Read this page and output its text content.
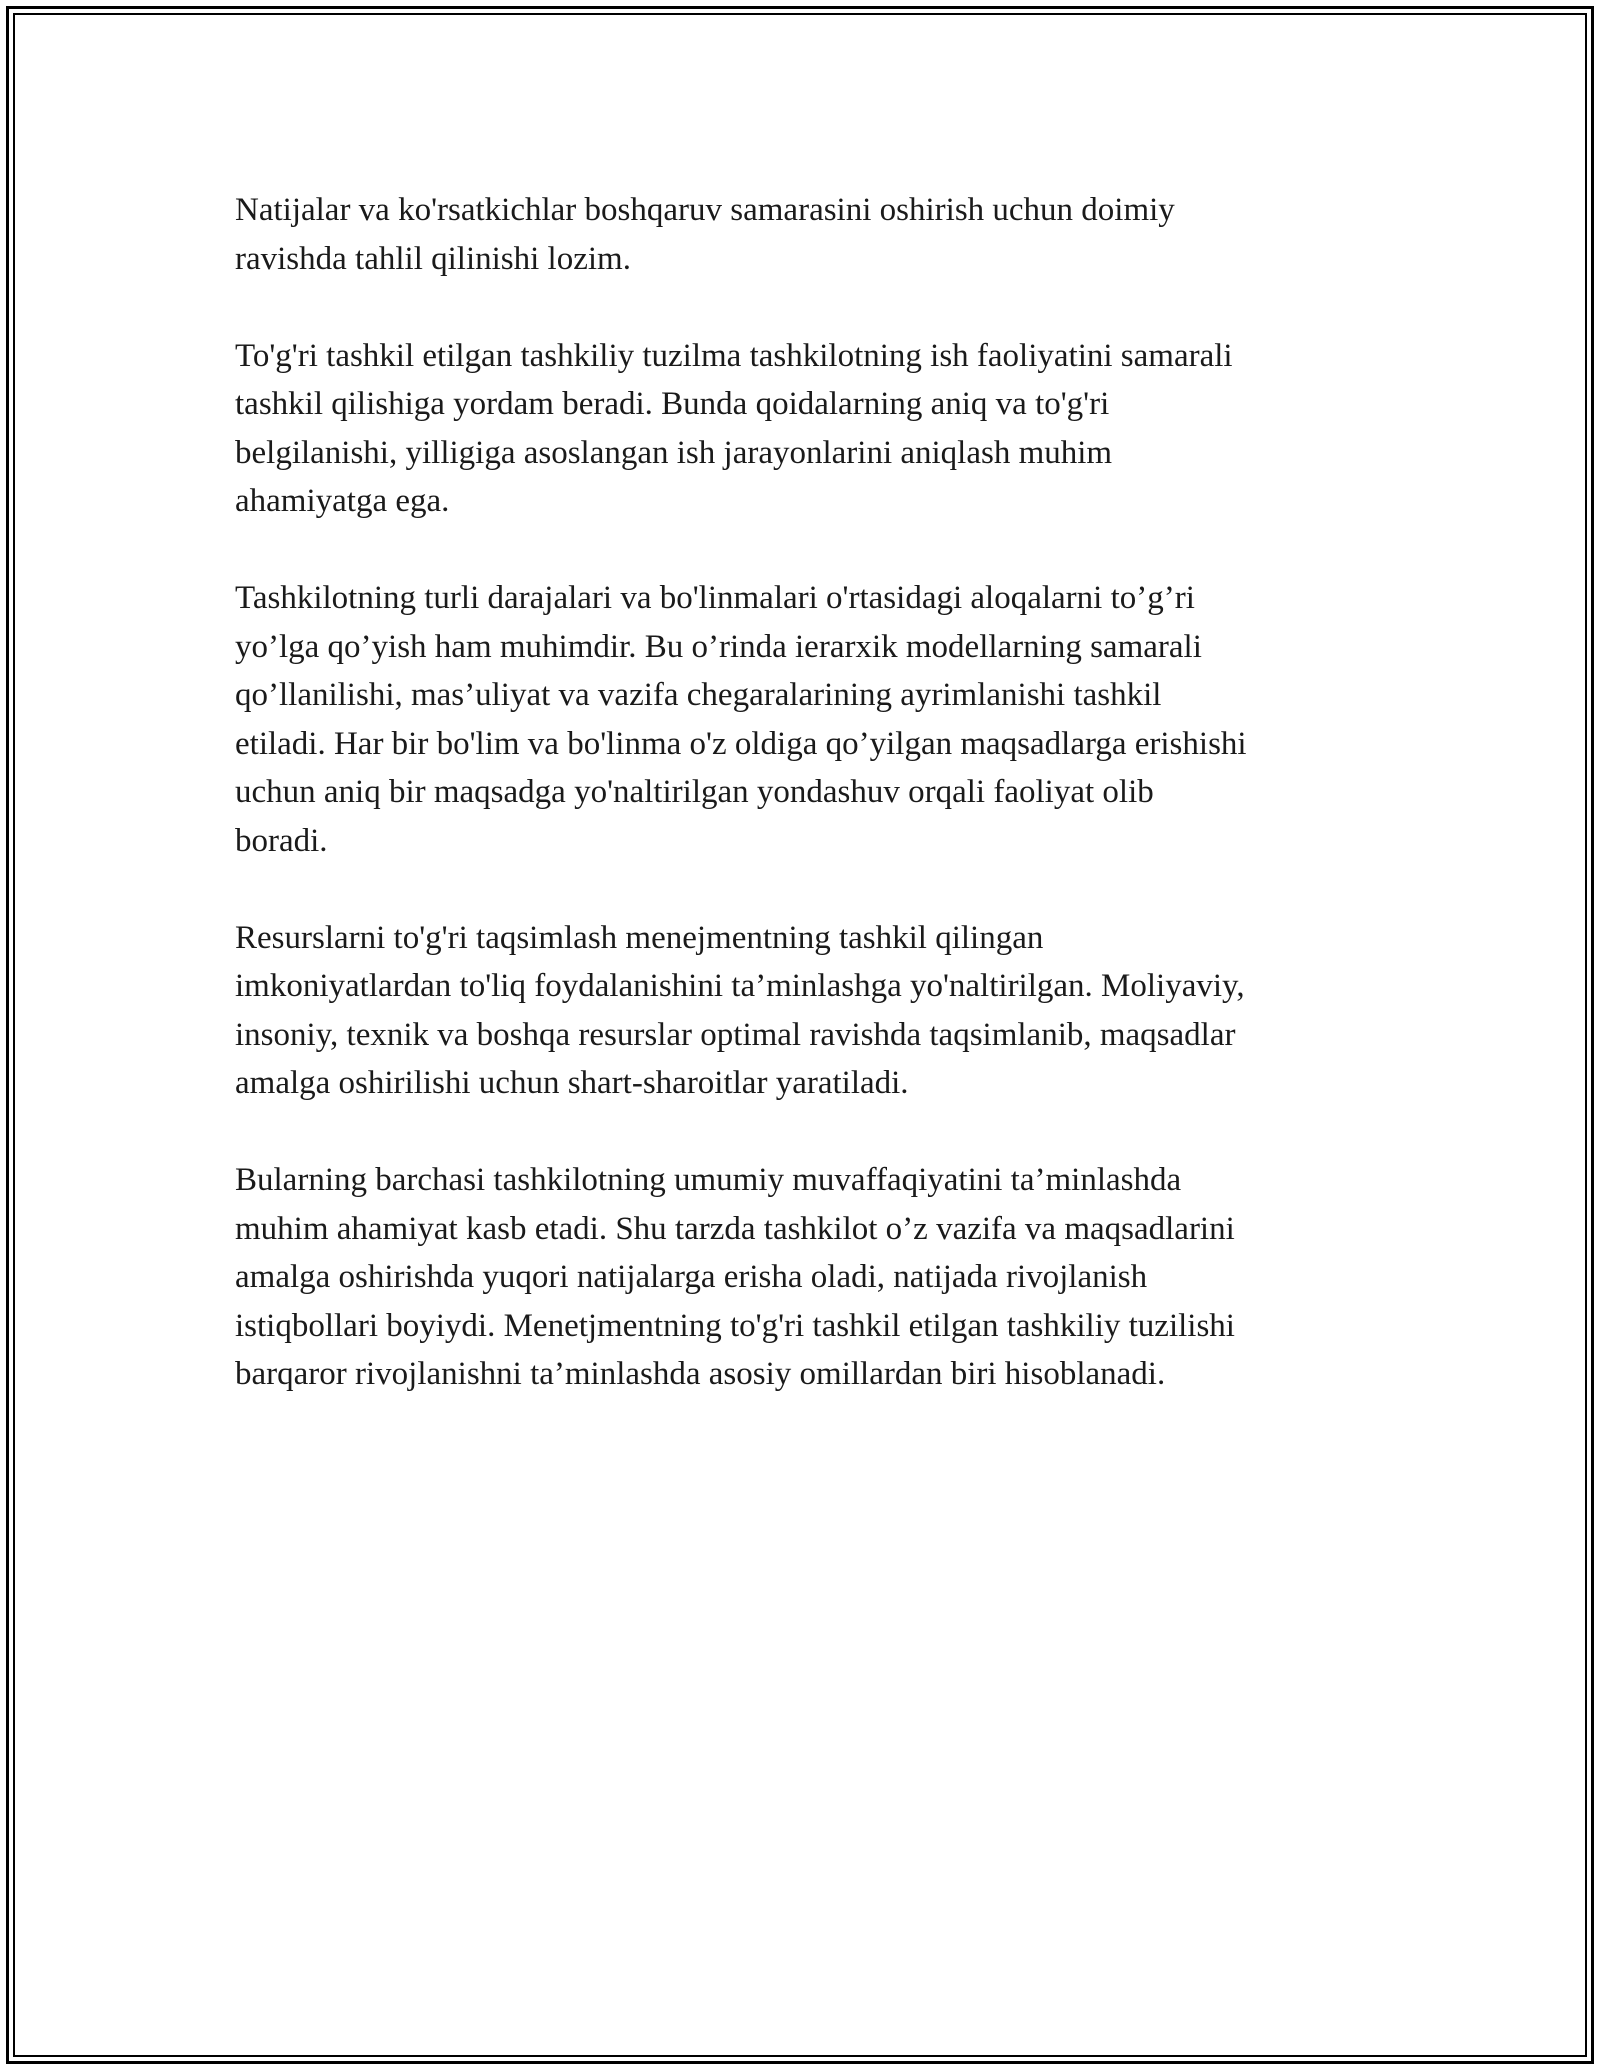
Natijalar va ko'rsatkichlar boshqaruv samarasini oshirish uchun doimiy
ravishda tahlil qilinishi lozim.

To'g'ri tashkil etilgan tashkiliy tuzilma tashkilotning ish faoliyatini samarali
tashkil qilishiga yordam beradi. Bunda qoidalarning aniq va to'g'ri
belgilanishi, yilligiga asoslangan ish jarayonlarini aniqlash muhim
ahamiyatga ega.

Tashkilotning turli darajalari va bo'linmalari o'rtasidagi aloqalarni to’g’ri
yo’lga qo’yish ham muhimdir. Bu o’rinda ierarxik modellarning samarali
qo’llanilishi, mas’uliyat va vazifa chegaralarining ayrimlanishi tashkil
etiladi. Har bir bo'lim va bo'linma o'z oldiga qo’yilgan maqsadlarga erishishi
uchun aniq bir maqsadga yo'naltirilgan yondashuv orqali faoliyat olib
boradi.

Resurslarni to'g'ri taqsimlash menejmentning tashkil qilingan
imkoniyatlardan to'liq foydalanishini ta’minlashga yo'naltirilgan. Moliyaviy,
insoniy, texnik va boshqa resurslar optimal ravishda taqsimlanib, maqsadlar
amalga oshirilishi uchun shart-sharoitlar yaratiladi.

Bularning barchasi tashkilotning umumiy muvaffaqiyatini ta’minlashda
muhim ahamiyat kasb etadi. Shu tarzda tashkilot o’z vazifa va maqsadlarini
amalga oshirishda yuqori natijalarga erisha oladi, natijada rivojlanish
istiqbollari boyiydi. Menetjmentning to'g'ri tashkil etilgan tashkiliy tuzilishi
barqaror rivojlanishni ta’minlashda asosiy omillardan biri hisoblanadi.
